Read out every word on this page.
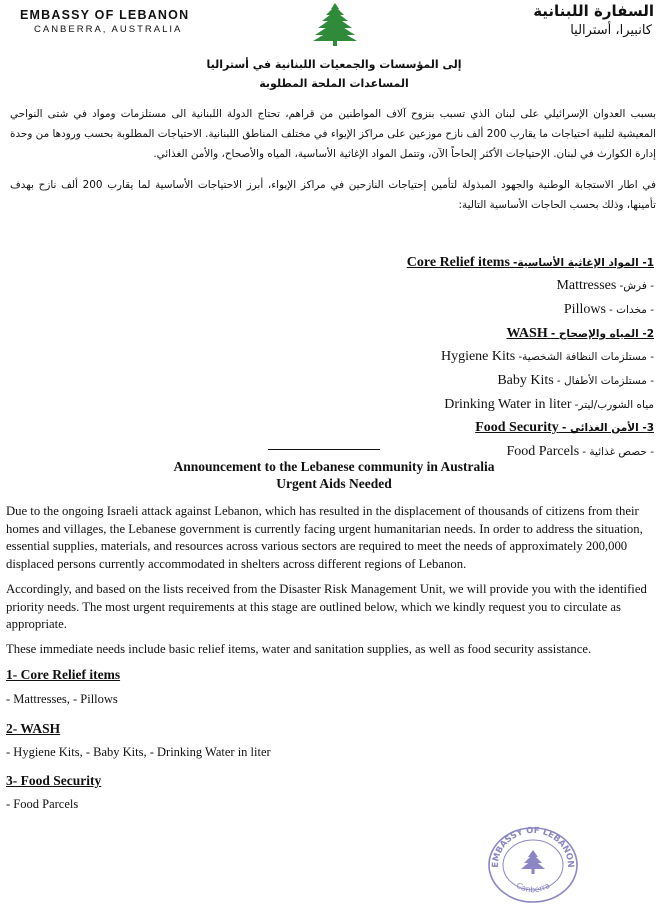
EMBASSY OF LEBANON
CANBERRA, AUSTRALIA
السفارة اللبنانية
كانبيرا، أستراليا
إلى المؤسسات والجمعيات اللبنانية في أستراليا
المساعدات الملحة المطلوبة
بسبب العدوان الإسرائيلي على لبنان الذي تسبب بنزوح آلاف المواطنين من قراهم، تحتاج الدولة اللبنانية الى مستلزمات ومواد في شتى النواحي المعيشية لتلبية احتياجات ما يقارب 200 ألف نازح موزعين على مراكز الإيواء في مختلف المناطق اللبنانية. الاحتياجات المطلوبة بحسب ورودها من وحدة إدارة الكوارث في لبنان. الإحتياجات الأكثر إلحاحاً الآن، وتتمل المواد الإغاثية الأساسية، المياه والأصحاح، والأمن الغذائي.
في اطار الاستجابة الوطنية والجهود المبذولة لتأمين إحتياجات النازحين في مراكز الإيواء، أبرز الاحتياجات الأساسية لما يقارب 200 ألف نازح بهدف تأمينها، وذلك بحسب الحاجات الأساسية التالية:
1- المواد الإغاثية الأساسية- Core Relief items
- فرش- Mattresses
- مخدات - Pillows
2- المياه والإصحاح - WASH
- مستلزمات النظافة الشخصية- Hygiene Kits
- مستلزمات الأطفال - Baby Kits
مياه الشورب/ليتر- Drinking Water in liter
3- الأمن الغذائي - Food Security
- حصص غذائية - Food Parcels
Announcement to the Lebanese community in Australia
Urgent Aids Needed
Due to the ongoing Israeli attack against Lebanon, which has resulted in the displacement of thousands of citizens from their homes and villages, the Lebanese government is currently facing urgent humanitarian needs. In order to address the situation, essential supplies, materials, and resources across various sectors are required to meet the needs of approximately 200,000 displaced persons currently accommodated in shelters across different regions of Lebanon.
Accordingly, and based on the lists received from the Disaster Risk Management Unit, we will provide you with the identified priority needs. The most urgent requirements at this stage are outlined below, which we kindly request you to circulate as appropriate.
These immediate needs include basic relief items, water and sanitation supplies, as well as food security assistance.
1- Core Relief items
- Mattresses, - Pillows
2- WASH
- Hygiene Kits, - Baby Kits, - Drinking Water in liter
3- Food Security
- Food Parcels
EMBASSY OF LEBANON
Canberra
